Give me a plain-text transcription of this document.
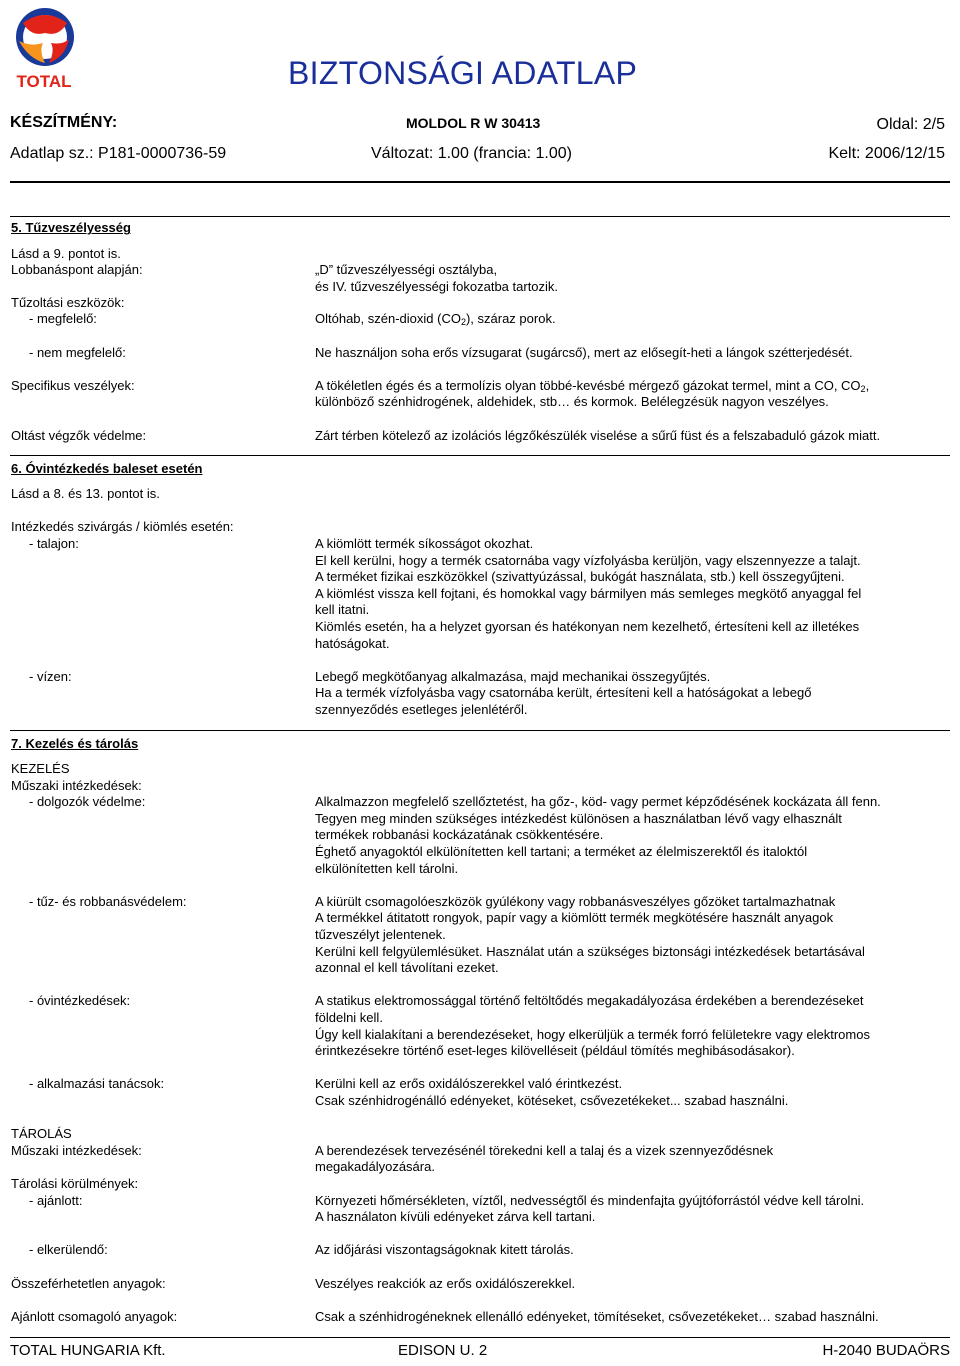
TOTAL	BIZTONSÁGI ADATLAP
KÉSZÍTMÉNY:	MOLDOL R W 30413	Oldal: 2/5
Adatlap sz.: P181-0000736-59	Változat: 1.00 (francia: 1.00)	Kelt: 2006/12/15
5. Tűzveszélyesség
Lásd a 9. pontot is.
Lobbanáspont alapján:	„D” tűzveszélyességi osztályba,
és IV. tűzveszélyességi fokozatba tartozik.
Tűzoltási eszközök:
- megfelelő:	Oltóhab, szén-dioxid $(CO_2)$, száraz porok.
- nem megfelelő:	Ne használjon soha erős vízsugarat (sugárcső), mert az elősegít-heti a lángok szétterjedését.
Specifikus veszélyek:	A tökéletlen égés és a termolízis olyan többé-kevésbé mérgező gázokat termel, mint a CO, $CO_2$,
különböző szénhidrogének, aldehidek, stb… és kormok. Belélegzésük nagyon veszélyes.
Oltást végzők védelme:	Zárt térben kötelező az izolációs légzőkészülék viselése a sűrű füst és a felszabaduló gázok miatt.
6. Óvintézkedés baleset esetén
Lásd a 8. és 13. pontot is.
Intézkedés szivárgás / kiömlés esetén:
- talajon:	A kiömlött termék síkosságot okozhat.
El kell kerülni, hogy a termék csatornába vagy vízfolyásba kerüljön, vagy elszennyezze a talajt.
A terméket fizikai eszközökkel (szivattyúzással, bukógát használata, stb.) kell összegyűjteni.
A kiömlést vissza kell fojtani, és homokkal vagy bármilyen más semleges megkötő anyaggal fel
kell itatni.
Kiömlés esetén, ha a helyzet gyorsan és hatékonyan nem kezelhető, értesíteni kell az illetékes
hatóságokat.
- vízen:	Lebegő megkötőanyag alkalmazása, majd mechanikai összegyűjtés.
Ha a termék vízfolyásba vagy csatornába került, értesíteni kell a hatóságokat a lebegő
szennyeződés esetleges jelenlétéről.
7. Kezelés és tárolás
KEZELÉS
Műszaki intézkedések:
- dolgozók védelme:	Alkalmazzon megfelelő szellőztetést, ha gőz-, köd- vagy permet képződésének kockázata áll fenn.
Tegyen meg minden szükséges intézkedést különösen a használatban lévő vagy elhasznált
termékek robbanási kockázatának csökkentésére.
Éghető anyagoktól elkülönítetten kell tartani; a terméket az élelmiszerektől és italoktól
elkülönítetten kell tárolni.
- tűz- és robbanásvédelem:	A kiürült csomagolóeszközök gyúlékony vagy robbanásveszélyes gőzöket tartalmazhatnak
A termékkel átitatott rongyok, papír vagy a kiömlött termék megkötésére használt anyagok
tűzveszélyt jelentenek.
Kerülni kell felgyülemlésüket. Használat után a szükséges biztonsági intézkedések betartásával
azonnal el kell távolítani ezeket.
- óvintézkedések:	A statikus elektromossággal történő feltöltődés megakadályozása érdekében a berendezéseket
földelni kell.
Úgy kell kialakítani a berendezéseket, hogy elkerüljük a termék forró felületekre vagy elektromos
érintkezésekre történő eset-leges kilövelléseit (például tömítés meghibásodásakor).
- alkalmazási tanácsok:	Kerülni kell az erős oxidálószerekkel való érintkezést.
Csak szénhidrogénálló edényeket, kötéseket, csővezetékeket... szabad használni.
TÁROLÁS
Műszaki intézkedések:	A berendezések tervezésénél törekedni kell a talaj és a vizek szennyeződésnek
megakadályozására.
Tárolási körülmények:
- ajánlott:	Környezeti hőmérsékleten, víztől, nedvességtől és mindenfajta gyújtóforrástól védve kell tárolni.
A használaton kívüli edényeket zárva kell tartani.
- elkerülendő:	Az időjárási viszontagságoknak kitett tárolás.
Összeférhetetlen anyagok:	Veszélyes reakciók az erős oxidálószerekkel.
Ajánlott csomagoló anyagok:	Csak a szénhidrogéneknek ellenálló edényeket, tömítéseket, csővezetékeket… szabad használni.
TOTAL HUNGARIA Kft.	EDISON U. 2	H-2040 BUDAÖRS
